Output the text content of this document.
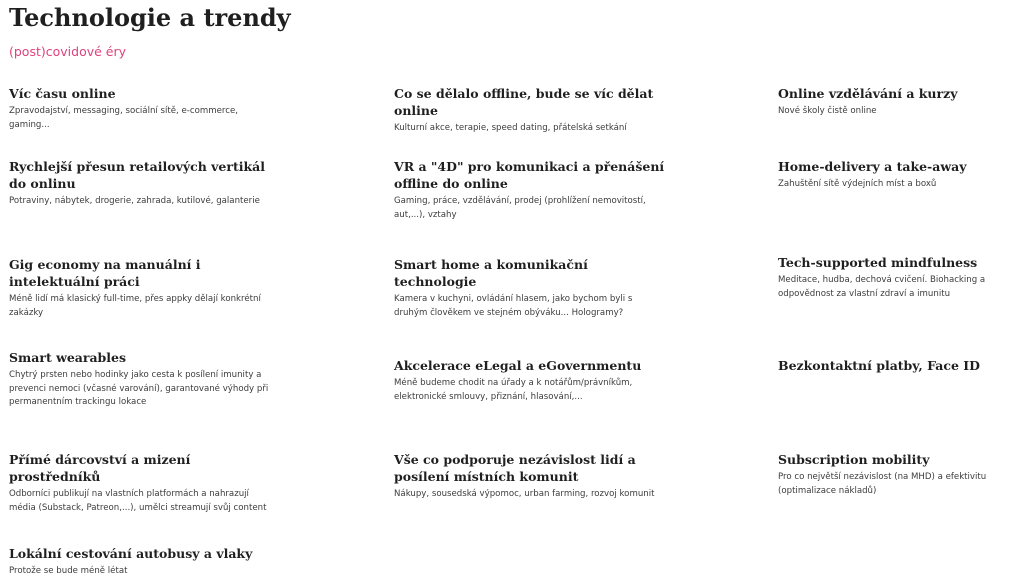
Technologie a trendy
(post)covidové éry
Víc času online

Zpravodajství, messaging, sociální sítě, e-commerce, gaming...

Co se dělalo offline, bude se víc dělat online

Kulturní akce, terapie, speed dating, přátelská setkání

Online vzdělávání a kurzy

Nové školy čistě online

Rychlejší přesun retailových vertikál do onlinu

Potraviny, nábytek, drogerie, zahrada, kutilové, galanterie

VR a "4D" pro komunikaci a přenášení offline do online

Gaming, práce, vzdělávání, prodej (prohlížení nemovitostí, aut,...), vztahy

Home-delivery a take-away

Zahuštění sítě výdejních míst a boxů

Gig economy na manuální i intelektuální práci

Méně lidí má klasický full-time, přes appky dělají konkrétní zakázky

Smart home a komunikační technologie

Kamera v kuchyni, ovládání hlasem, jako bychom byli s druhým člověkem ve stejném obýváku... Hologramy?

Tech-supported mindfulness

Meditace, hudba, dechová cvičení. Biohacking a odpovědnost za vlastní zdraví a imunitu

Smart wearables

Chytrý prsten nebo hodinky jako cesta k posílení imunity a prevenci nemoci (včasné varování), garantované výhody při permanentním trackingu lokace

Akcelerace eLegal a eGovernmentu

Méně budeme chodit na úřady a k notářům/právníkům, elektronické smlouvy, přiznání, hlasování,...

Bezkontaktní platby, Face ID
Přímé dárcovství a mizení prostředníků

Odborníci publikují na vlastních platformách a nahrazují média (Substack, Patreon,...), umělci streamují svůj content

Vše co podporuje nezávislost lidí a posílení místních komunit

Nákupy, sousedská výpomoc, urban farming, rozvoj komunit

Subscription mobility

Pro co největší nezávislost (na MHD) a efektivitu (optimalizace nákladů)

Lokální cestování autobusy a vlaky

Protože se bude méně létat
